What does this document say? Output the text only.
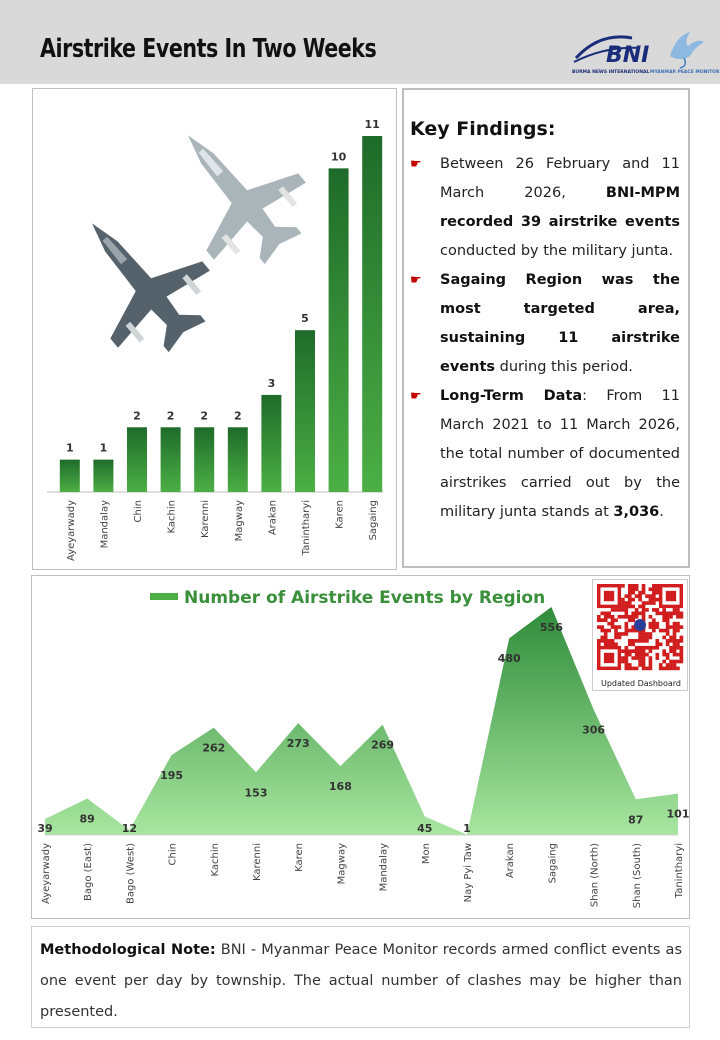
Airstrike Events In Two Weeks	BNI
BURMA NEWS INTERNATIONAL MYANMAR PEACE MONITOR
1
Ayeyarwady
1
Mandalay
2
Chin
2
Kachin
2
Karenni
2
Magway
3
Arakan
5
Tanintharyi
10
Karen
11
Sagaing
Key Findings:
☛ Between 26 February and 11 March 2026, BNI-MPM recorded 39 airstrike events conducted by the military junta.
☛ Sagaing Region was the most targeted area, sustaining 11 airstrike events during this period.
☛ Long-Term Data: From 11 March 2021 to 11 March 2026, the total number of documented airstrikes carried out by the military junta stands at 3,036.
Number of Airstrike Events by Region
39
Ayeyarwady
89
Bago (East)
12
Bago (West)
195
Chin
262
Kachin
153
Karenni
273
Karen
168
Magway
269
Mandalay
45
Mon
1
Nay Pyi Taw
480
Arakan
556
Sagaing
306
Shan (North)
87
Shan (South)
101
Tanintharyi
Updated Dashboard
Methodological Note: BNI - Myanmar Peace Monitor records armed conflict events as one event per day by township. The actual number of clashes may be higher than presented.
